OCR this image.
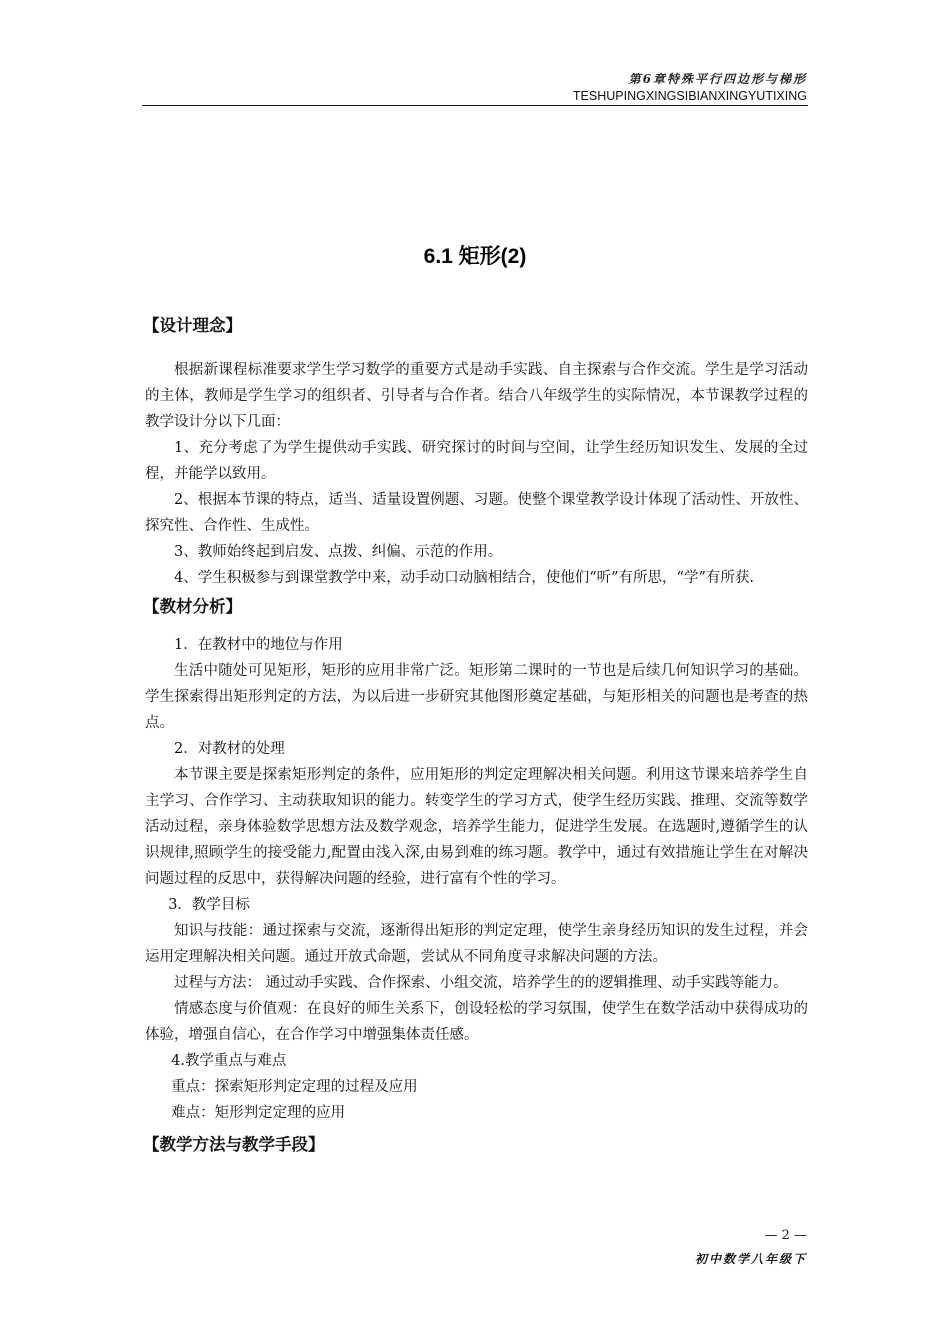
第6章特殊平行四边形与梯形
TESHUPINGXINGSIBIANXINGYUTIXING
6.1 矩形(2)
【设计理念】

根据新课程标准要求学生学习数学的重要方式是动手实践、自主探索与合作交流。学生是学习活动的主体，教师是学生学习的组织者、引导者与合作者。结合八年级学生的实际情况，本节课教学过程的教学设计分以下几面：

1、充分考虑了为学生提供动手实践、研究探讨的时间与空间，让学生经历知识发生、发展的全过程，并能学以致用。

2、根据本节课的特点，适当、适量设置例题、习题。使整个课堂教学设计体现了活动性、开放性、探究性、合作性、生成性。

3、教师始终起到启发、点拨、纠偏、示范的作用。

4、学生积极参与到课堂教学中来，动手动口动脑相结合，使他们“听”有所思，“学”有所获.

【教材分析】

1．在教材中的地位与作用

生活中随处可见矩形，矩形的应用非常广泛。矩形第二课时的一节也是后续几何知识学习的基础。学生探索得出矩形判定的方法，为以后进一步研究其他图形奠定基础，与矩形相关的问题也是考查的热点。

2．对教材的处理

本节课主要是探索矩形判定的条件，应用矩形的判定定理解决相关问题。利用这节课来培养学生自主学习、合作学习、主动获取知识的能力。转变学生的学习方式，使学生经历实践、推理、交流等数学活动过程，亲身体验数学思想方法及数学观念，培养学生能力，促进学生发展。在选题时,遵循学生的认识规律,照顾学生的接受能力,配置由浅入深,由易到难的练习题。教学中，通过有效措施让学生在对解决问题过程的反思中，获得解决问题的经验，进行富有个性的学习。

3．教学目标

知识与技能：通过探索与交流，逐渐得出矩形的判定定理，使学生亲身经历知识的发生过程，并会运用定理解决相关问题。通过开放式命题，尝试从不同角度寻求解决问题的方法。

过程与方法： 通过动手实践、合作探索、小组交流，培养学生的的逻辑推理、动手实践等能力。

情感态度与价值观：在良好的师生关系下，创设轻松的学习氛围，使学生在数学活动中获得成功的体验，增强自信心，在合作学习中增强集体责任感。

4.教学重点与难点

重点：探索矩形判定定理的过程及应用

难点：矩形判定定理的应用

【教学方法与教学手段】
— 2 —
初中数学八年级下
